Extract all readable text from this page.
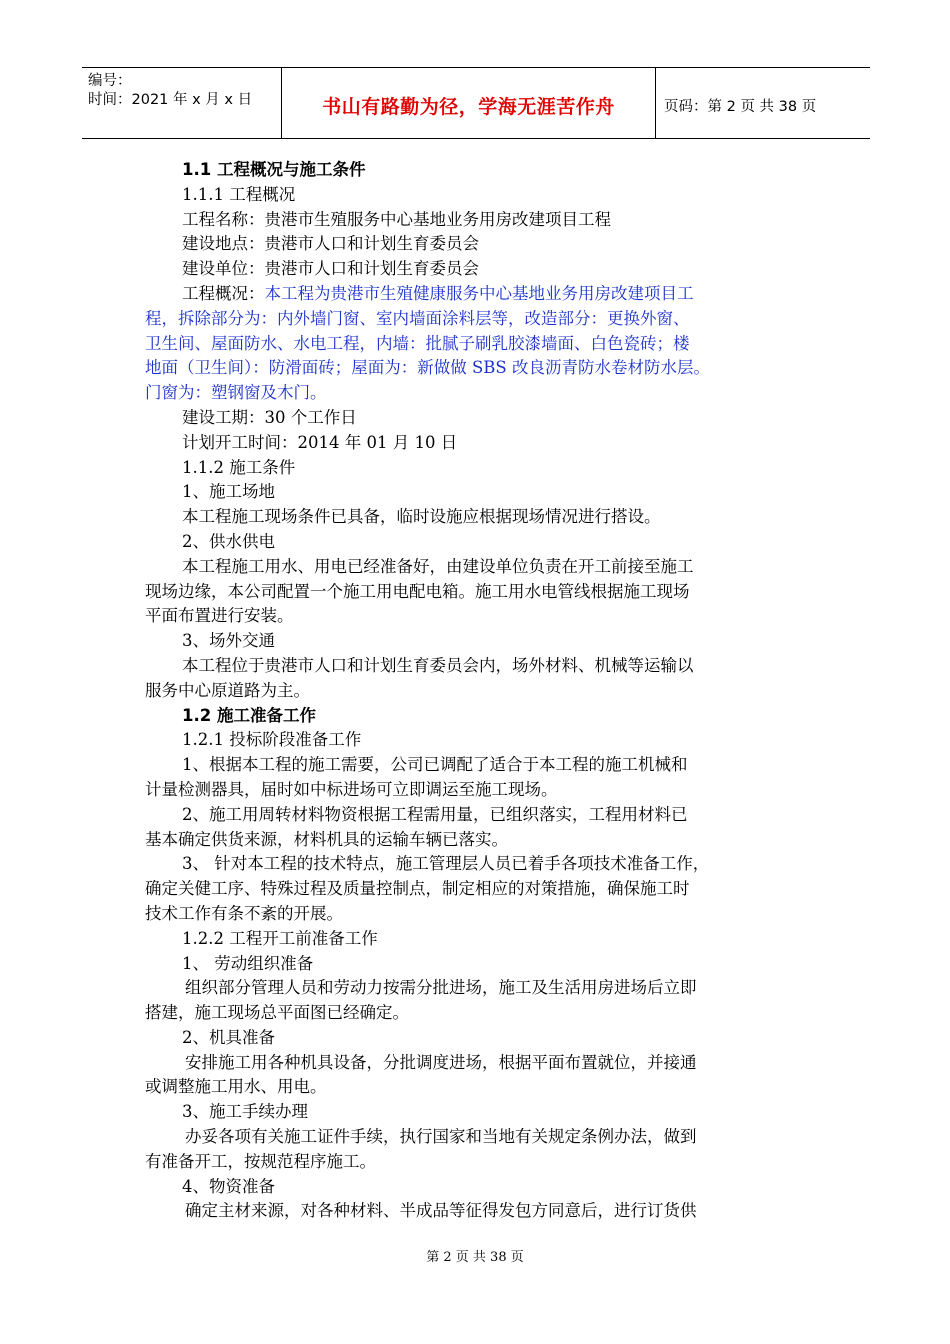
编号：
时间：2021 年 x 月 x 日	书山有路勤为径，学海无涯苦作舟	页码：第 2 页 共 38 页
1.1 工程概况与施工条件
1.1.1 工程概况
工程名称：贵港市生殖服务中心基地业务用房改建项目工程
建设地点：贵港市人口和计划生育委员会
建设单位：贵港市人口和计划生育委员会
工程概况：本工程为贵港市生殖健康服务中心基地业务用房改建项目工
程，拆除部分为：内外墙门窗、室内墙面涂料层等，改造部分：更换外窗、
卫生间、屋面防水、水电工程，内墙：批腻子刷乳胶漆墙面、白色瓷砖；楼
地面（卫生间）：防滑面砖；屋面为：新做做 SBS 改良沥青防水卷材防水层。
门窗为：塑钢窗及木门。
建设工期：30 个工作日
计划开工时间：2014 年 01 月 10 日
1.1.2 施工条件
1、施工场地
本工程施工现场条件已具备，临时设施应根据现场情况进行搭设。
2、供水供电
本工程施工用水、用电已经准备好，由建设单位负责在开工前接至施工
现场边缘，本公司配置一个施工用电配电箱。施工用水电管线根据施工现场
平面布置进行安装。
3、场外交通
本工程位于贵港市人口和计划生育委员会内，场外材料、机械等运输以
服务中心原道路为主。
1.2 施工准备工作
1.2.1 投标阶段准备工作
1、根据本工程的施工需要，公司已调配了适合于本工程的施工机械和
计量检测器具，届时如中标进场可立即调运至施工现场。
2、施工用周转材料物资根据工程需用量，已组织落实，工程用材料已
基本确定供货来源，材料机具的运输车辆已落实。
3、 针对本工程的技术特点，施工管理层人员已着手各项技术准备工作，
确定关健工序、特殊过程及质量控制点，制定相应的对策措施，确保施工时
技术工作有条不紊的开展。
1.2.2 工程开工前准备工作
1、 劳动组织准备
组织部分管理人员和劳动力按需分批进场，施工及生活用房进场后立即
搭建，施工现场总平面图已经确定。
2、机具准备
安排施工用各种机具设备，分批调度进场，根据平面布置就位，并接通
或调整施工用水、用电。
3、施工手续办理
办妥各项有关施工证件手续，执行国家和当地有关规定条例办法，做到
有准备开工，按规范程序施工。
4、物资准备
确定主材来源，对各种材料、半成品等征得发包方同意后，进行订货供
第 2 页 共 38 页
